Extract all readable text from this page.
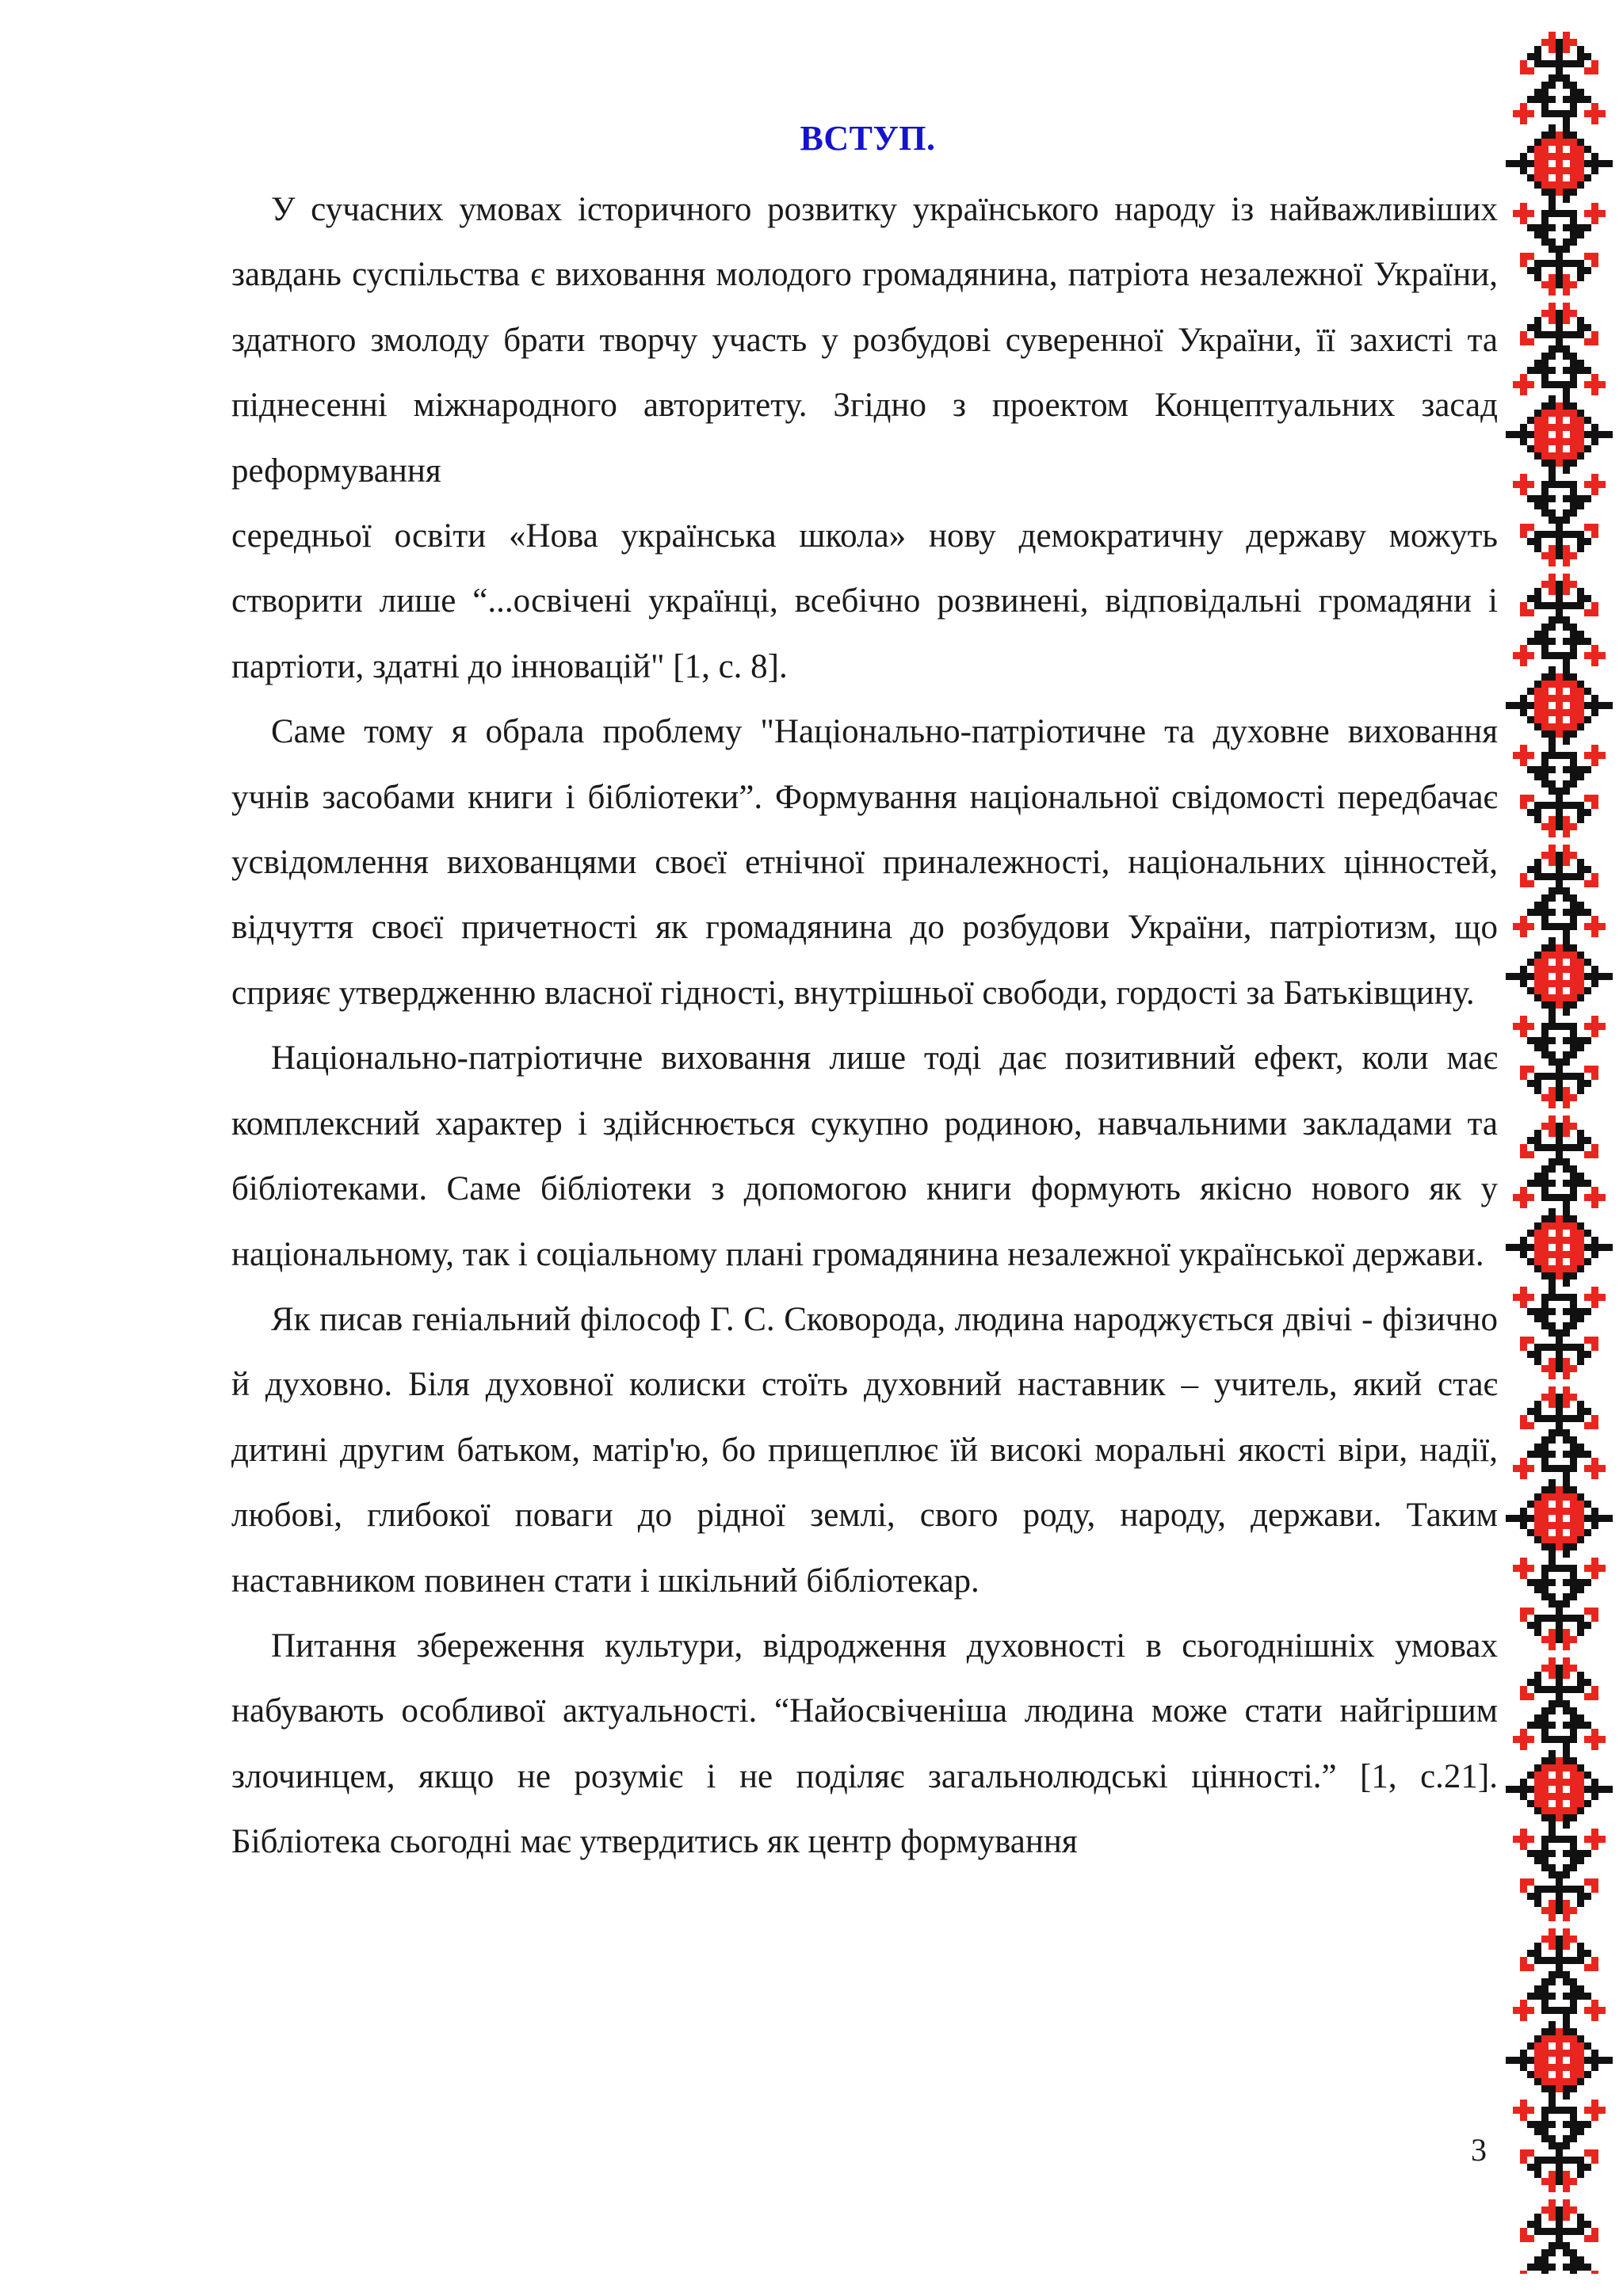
ВСТУП.

У сучасних умовах історичного розвитку українського народу із найважливіших завдань суспільства є виховання молодого громадянина, патріота незалежної України, здатного змолоду брати творчу участь у розбудові суверенної України, її захисті та піднесенні міжнародного авторитету. Згідно з проектом Концептуальних засад реформування

середньої освіти «Нова українська школа» нову демократичну державу можуть створити лише “...освічені українці, всебічно розвинені, відповідальні громадяни і партіоти, здатні до інновацій" [1, с. 8].

Саме тому я обрала проблему "Національно-патріотичне та духовне виховання учнів засобами книги і бібліотеки”. Формування національної свідомості передбачає усвідомлення вихованцями своєї етнічної приналежності, національних цінностей, відчуття своєї причетності як громадянина до розбудови України, патріотизм, що сприяє утвердженню власної гідності, внутрішньої свободи, гордості за Батьківщину.

Національно-патріотичне виховання лише тоді дає позитивний ефект, коли має комплексний характер і здійснюється сукупно родиною, навчальними закладами та бібліотеками. Саме бібліотеки з допомогою книги формують якісно нового як у національному, так і соціальному плані громадянина незалежної української держави.

Як писав геніальний філософ Г. С. Сковорода, людина народжується двічі - фізично й духовно. Біля духовної колиски стоїть духовний наставник – учитель, який стає дитині другим батьком, матір'ю, бо прищеплює їй високі моральні якості віри, надії, любові, глибокої поваги до рідної землі, свого роду, народу, держави. Таким наставником повинен стати і шкільний бібліотекар.

Питання збереження культури, відродження духовності в сьогоднішніх умовах набувають особливої актуальності. “Найосвіченіша людина може стати найгіршим злочинцем, якщо не розуміє і не поділяє загальнолюдські цінності.” [1, с.21]. Бібліотека сьогодні має утвердитись як центр формування

3
